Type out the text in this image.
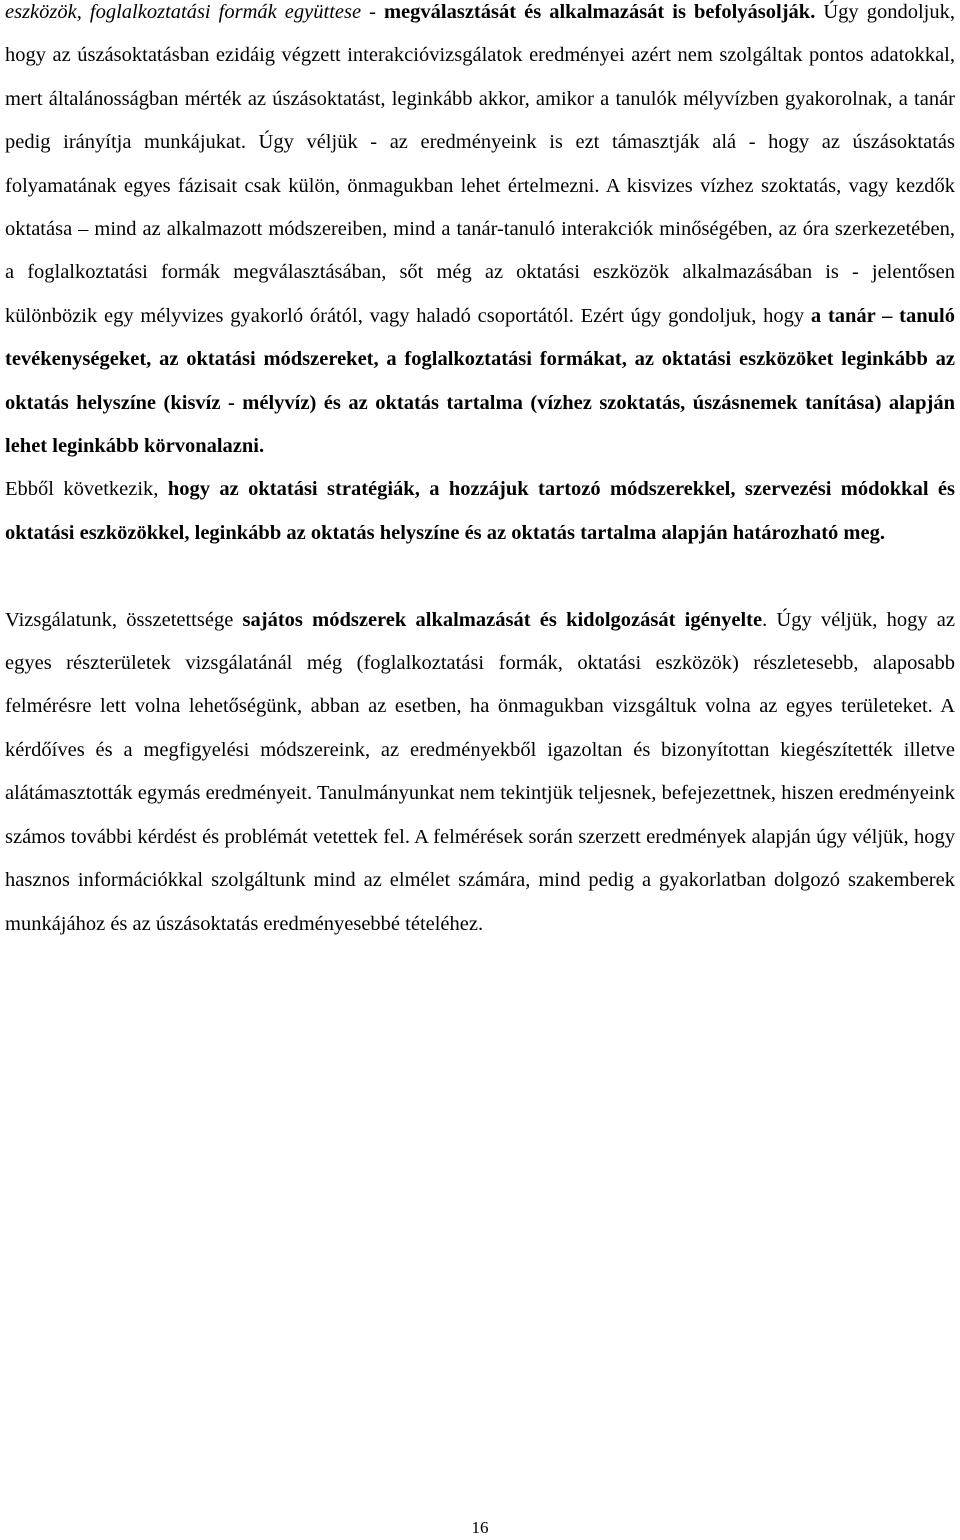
eszközök, foglalkoztatási formák együttese - megválasztását és alkalmazását is befolyásolják. Úgy gondoljuk, hogy az úszásoktatásban ezidáig végzett interakcióvizsgálatok eredményei azért nem szolgáltak pontos adatokkal, mert általánosságban mérték az úszásoktatást, leginkább akkor, amikor a tanulók mélyvízben gyakorolnak, a tanár pedig irányítja munkájukat. Úgy véljük - az eredményeink is ezt támasztják alá - hogy az úszásoktatás folyamatának egyes fázisait csak külön, önmagukban lehet értelmezni. A kisvizes vízhez szoktatás, vagy kezdők oktatása – mind az alkalmazott módszereiben, mind a tanár-tanuló interakciók minőségében, az óra szerkezetében, a foglalkoztatási formák megválasztásában, sőt még az oktatási eszközök alkalmazásában is - jelentősen különbözik egy mélyvizes gyakorló órától, vagy haladó csoportától. Ezért úgy gondoljuk, hogy a tanár – tanuló tevékenységeket, az oktatási módszereket, a foglalkoztatási formákat, az oktatási eszközöket leginkább az oktatás helyszíne (kisvíz - mélyvíz) és az oktatás tartalma (vízhez szoktatás, úszásnemek tanítása) alapján lehet leginkább körvonalazni.

Ebből következik, hogy az oktatási stratégiák, a hozzájuk tartozó módszerekkel, szervezési módokkal és oktatási eszközökkel, leginkább az oktatás helyszíne és az oktatás tartalma alapján határozható meg.

Vizsgálatunk, összetettsége sajátos módszerek alkalmazását és kidolgozását igényelte. Úgy véljük, hogy az egyes részterületek vizsgálatánál még (foglalkoztatási formák, oktatási eszközök) részletesebb, alaposabb felmérésre lett volna lehetőségünk, abban az esetben, ha önmagukban vizsgáltuk volna az egyes területeket. A kérdőíves és a megfigyelési módszereink, az eredményekből igazoltan és bizonyítottan kiegészítették illetve alátámasztották egymás eredményeit. Tanulmányunkat nem tekintjük teljesnek, befejezettnek, hiszen eredményeink számos további kérdést és problémát vetettek fel. A felmérések során szerzett eredmények alapján úgy véljük, hogy hasznos információkkal szolgáltunk mind az elmélet számára, mind pedig a gyakorlatban dolgozó szakemberek munkájához és az úszásoktatás eredményesebbé tételéhez.

16
